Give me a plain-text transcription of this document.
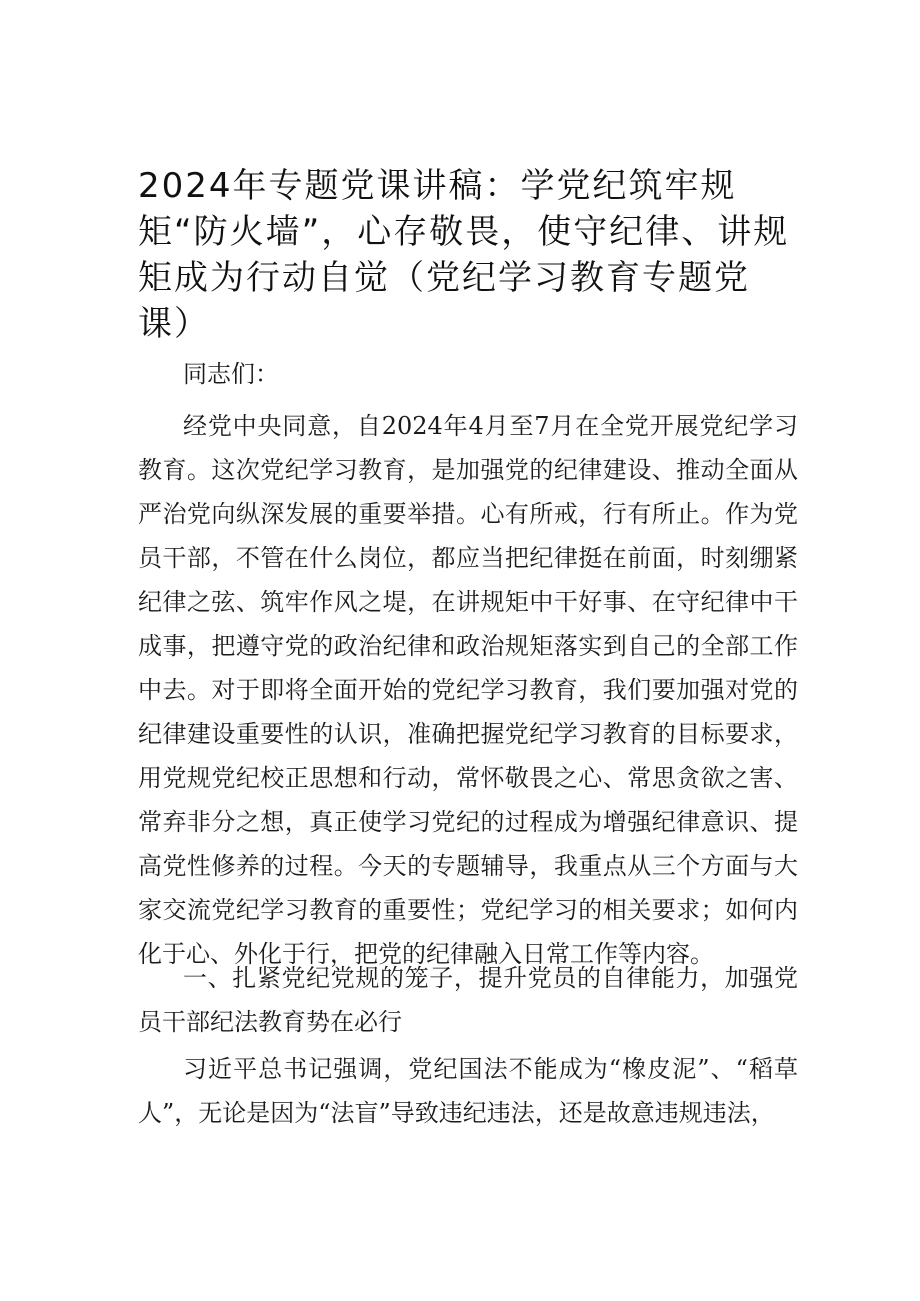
2024年专题党课讲稿：学党纪筑牢规矩“防火墙”，心存敬畏，使守纪律、讲规矩成为行动自觉（党纪学习教育专题党课）

同志们：

经党中央同意，自2024年4月至7月在全党开展党纪学习教育。这次党纪学习教育，是加强党的纪律建设、推动全面从严治党向纵深发展的重要举措。心有所戒，行有所止。作为党员干部，不管在什么岗位，都应当把纪律挺在前面，时刻绷紧纪律之弦、筑牢作风之堤，在讲规矩中干好事、在守纪律中干成事，把遵守党的政治纪律和政治规矩落实到自己的全部工作中去。对于即将全面开始的党纪学习教育，我们要加强对党的纪律建设重要性的认识，准确把握党纪学习教育的目标要求，用党规党纪校正思想和行动，常怀敬畏之心、常思贪欲之害、常弃非分之想，真正使学习党纪的过程成为增强纪律意识、提高党性修养的过程。今天的专题辅导，我重点从三个方面与大家交流党纪学习教育的重要性；党纪学习的相关要求；如何内化于心、外化于行，把党的纪律融入日常工作等内容。

一、扎紧党纪党规的笼子，提升党员的自律能力，加强党员干部纪法教育势在必行

习近平总书记强调，党纪国法不能成为“橡皮泥”、“稻草人”，无论是因为“法盲”导致违纪违法，还是故意违规违法，
